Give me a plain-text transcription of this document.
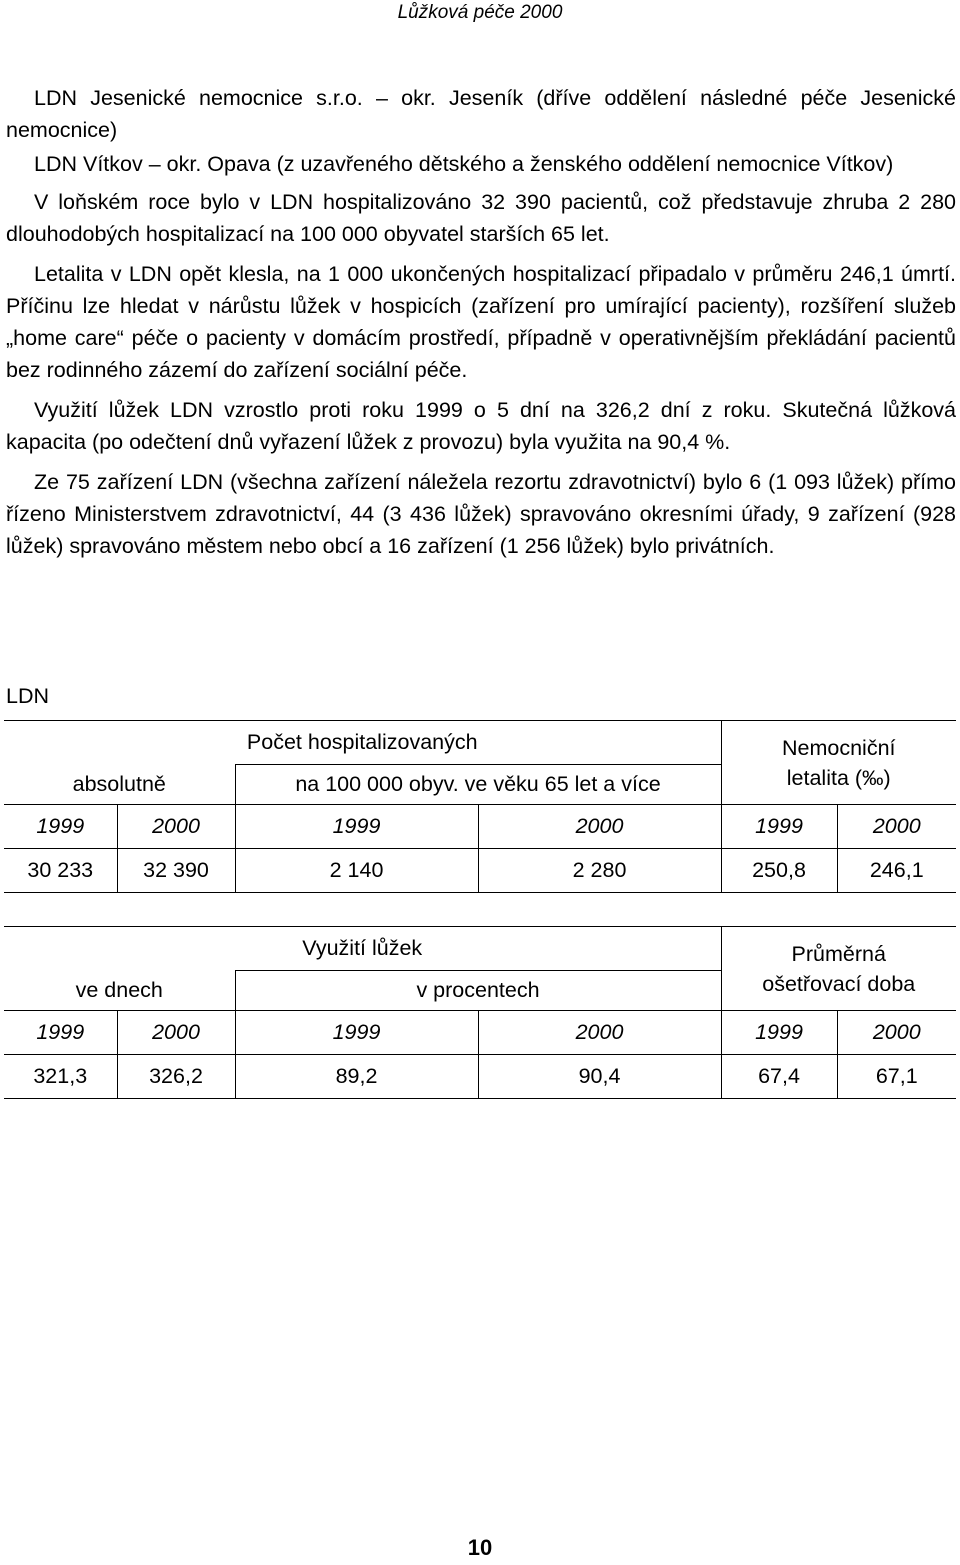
Lůžková péče 2000

LDN Jesenické nemocnice s.r.o. – okr. Jeseník (dříve oddělení následné péče Jesenické nemocnice)

LDN Vítkov – okr. Opava (z uzavřeného dětského a ženského oddělení nemocnice Vítkov)

V loňském roce bylo v LDN hospitalizováno 32 390 pacientů, což představuje zhruba 2 280 dlouhodobých hospitalizací na 100 000 obyvatel starších 65 let.

Letalita v LDN opět klesla, na 1 000 ukončených hospitalizací připadalo v průměru 246,1 úmrtí. Příčinu lze hledat v nárůstu lůžek v hospicích (zařízení pro umírající pacienty), rozšíření služeb „home care“ péče o pacienty v domácím prostředí, případně v operativnějším překládání pacientů bez rodinného zázemí do zařízení sociální péče.

Využití lůžek LDN vzrostlo proti roku 1999 o 5 dní na 326,2 dní z roku. Skutečná lůžková kapacita (po odečtení dnů vyřazení lůžek z provozu) byla využita na 90,4 %.

Ze 75 zařízení LDN (všechna zařízení náležela rezortu zdravotnictví) bylo 6 (1 093 lůžek) přímo řízeno Ministerstvem zdravotnictví, 44 (3 436 lůžek) spravováno okresními úřady, 9 zařízení (928 lůžek) spravováno městem nebo obcí a 16 zařízení (1 256 lůžek) bylo privátních.

LDN
Počet hospitalizovaných				Nemocniční letalita (‰)	
absolutně		na 100 000 obyv. ve věku 65 let a více			
1999	2000	1999	2000	1999	2000
30 233	32 390	2 140	2 280	250,8	246,1
Využití lůžek				Průměrná ošetřovací doba	
ve dnech		v procentech			
1999	2000	1999	2000	1999	2000
321,3	326,2	89,2	90,4	67,4	67,1
10
